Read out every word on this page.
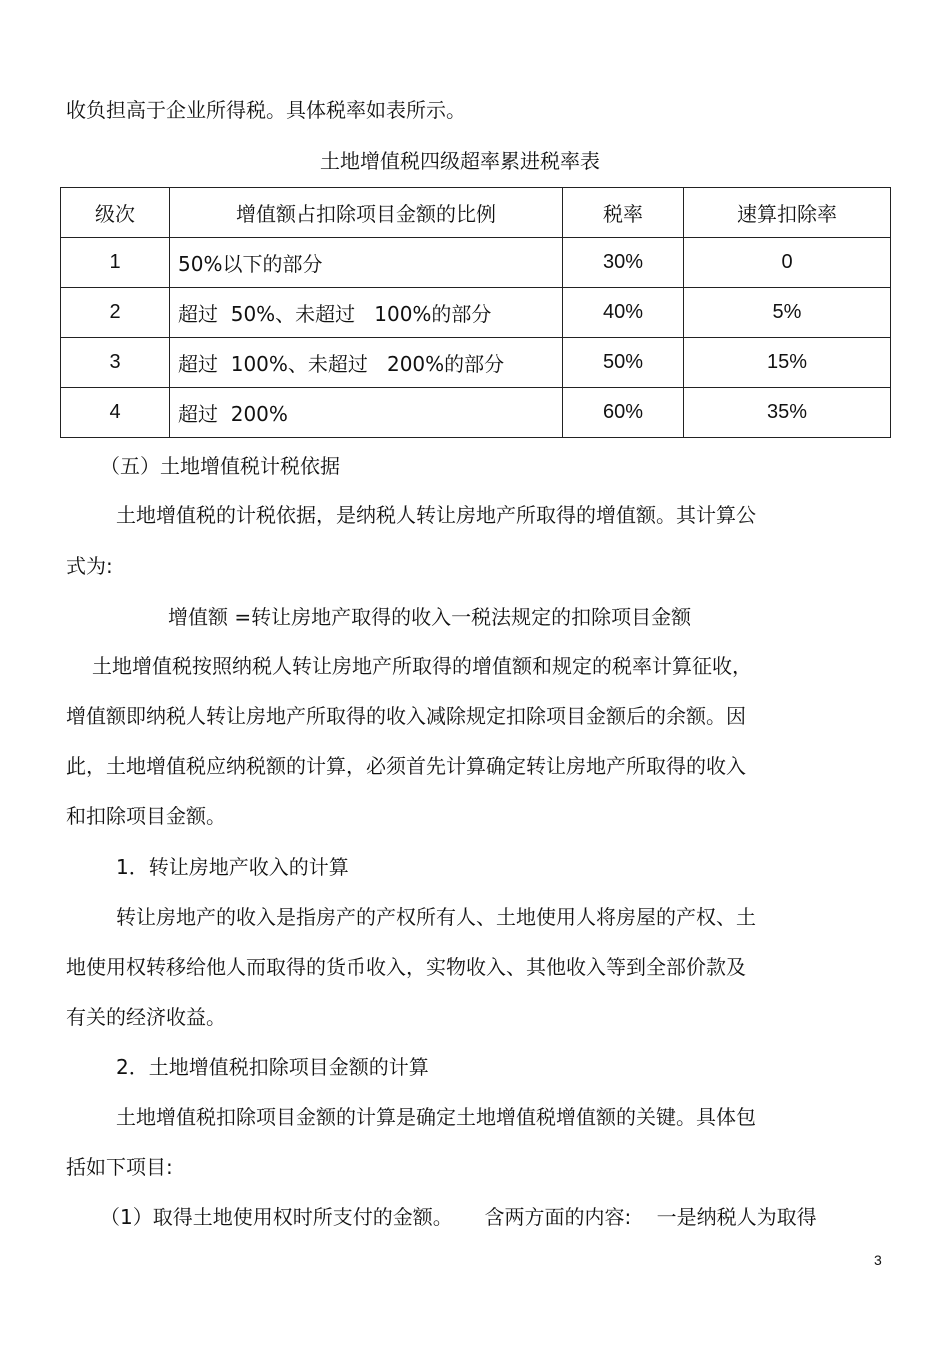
收负担高于企业所得税。具体税率如表所示。
土地增值税四级超率累进税率表
级次	增值额占扣除项目金额的比例	税率	速算扣除率
1	50%以下的部分	30%	0
2	超过  50%、未超过   100%的部分	40%	5%
3	超过  100%、未超过   200%的部分	50%	15%
4	超过  200%	60%	35%
（五）土地增值税计税依据
土地增值税的计税依据，是纳税人转让房地产所取得的增值额。其计算公
式为:
增值额 =转让房地产取得的收入一税法规定的扣除项目金额
土地增值税按照纳税人转让房地产所取得的增值额和规定的税率计算征收，
增值额即纳税人转让房地产所取得的收入减除规定扣除项目金额后的余额。因
此，土地增值税应纳税额的计算，必须首先计算确定转让房地产所取得的收入
和扣除项目金额。
1．转让房地产收入的计算
转让房地产的收入是指房产的产权所有人、土地使用人将房屋的产权、土
地使用权转移给他人而取得的货币收入，实物收入、其他收入等到全部价款及
有关的经济收益。
2．土地增值税扣除项目金额的计算
土地增值税扣除项目金额的计算是确定土地增值税增值额的关键。具体包
括如下项目:
（1）取得土地使用权时所支付的金额。     含两方面的内容:    一是纳税人为取得
3
